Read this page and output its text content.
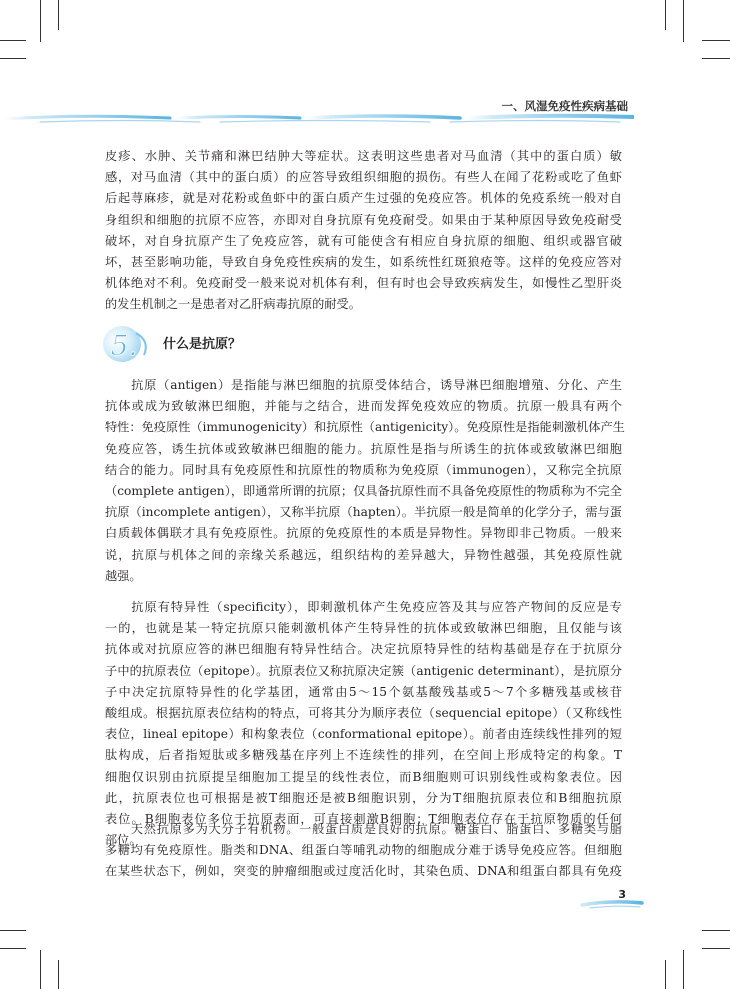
一、风湿免疫性疾病基础
皮疹、水肿、关节痛和淋巴结肿大等症状。这表明这些患者对马血清（其中的蛋白质）敏
感，对马血清（其中的蛋白质）的应答导致组织细胞的损伤。有些人在闻了花粉或吃了鱼虾
后起荨麻疹，就是对花粉或鱼虾中的蛋白质产生过强的免疫应答。机体的免疫系统一般对自
身组织和细胞的抗原不应答，亦即对自身抗原有免疫耐受。如果由于某种原因导致免疫耐受
破坏，对自身抗原产生了免疫应答，就有可能使含有相应自身抗原的细胞、组织或器官破
坏，甚至影响功能，导致自身免疫性疾病的发生，如系统性红斑狼疮等。这样的免疫应答对
机体绝对不利。免疫耐受一般来说对机体有利，但有时也会导致疾病发生，如慢性乙型肝炎
的发生机制之一是患者对乙肝病毒抗原的耐受。
5. 什么是抗原？
　　抗原（antigen）是指能与淋巴细胞的抗原受体结合，诱导淋巴细胞增殖、分化、产生
抗体或成为致敏淋巴细胞，并能与之结合，进而发挥免疫效应的物质。抗原一般具有两个
特性：免疫原性（immunogenicity）和抗原性（antigenicity）。免疫原性是指能刺激机体产生
免疫应答，诱生抗体或致敏淋巴细胞的能力。抗原性是指与所诱生的抗体或致敏淋巴细胞
结合的能力。同时具有免疫原性和抗原性的物质称为免疫原（immunogen），又称完全抗原
（complete antigen），即通常所谓的抗原；仅具备抗原性而不具备免疫原性的物质称为不完全
抗原（incomplete antigen），又称半抗原（hapten）。半抗原一般是简单的化学分子，需与蛋
白质载体偶联才具有免疫原性。抗原的免疫原性的本质是异物性。异物即非己物质。一般来
说，抗原与机体之间的亲缘关系越远，组织结构的差异越大，异物性越强，其免疫原性就
越强。
　　抗原有特异性（specificity），即刺激机体产生免疫应答及其与应答产物间的反应是专
一的，也就是某一特定抗原只能刺激机体产生特异性的抗体或致敏淋巴细胞，且仅能与该
抗体或对抗原应答的淋巴细胞有特异性结合。决定抗原特异性的结构基础是存在于抗原分
子中的抗原表位（epitope）。抗原表位又称抗原决定簇（antigenic determinant），是抗原分
子中决定抗原特异性的化学基团，通常由5～15个氨基酸残基或5～7个多糖残基或核苷
酸组成。根据抗原表位结构的特点，可将其分为顺序表位（sequencial epitope）（又称线性
表位，lineal epitope）和构象表位（conformational epitope）。前者由连续线性排列的短
肽构成，后者指短肽或多糖残基在序列上不连续性的排列，在空间上形成特定的构象。T
细胞仅识别由抗原提呈细胞加工提呈的线性表位，而B细胞则可识别线性或构象表位。因
此，抗原表位也可根据是被T细胞还是被B细胞识别，分为T细胞抗原表位和B细胞抗原
表位。B细胞表位多位于抗原表面，可直接刺激B细胞；T细胞表位存在于抗原物质的任何
部位。
　　天然抗原多为大分子有机物。一般蛋白质是良好的抗原。糖蛋白、脂蛋白、多糖类与脂
多糖均有免疫原性。脂类和DNA、组蛋白等哺乳动物的细胞成分难于诱导免疫应答。但细胞
在某些状态下，例如，突变的肿瘤细胞或过度活化时，其染色质、DNA和组蛋白都具有免疫
3
